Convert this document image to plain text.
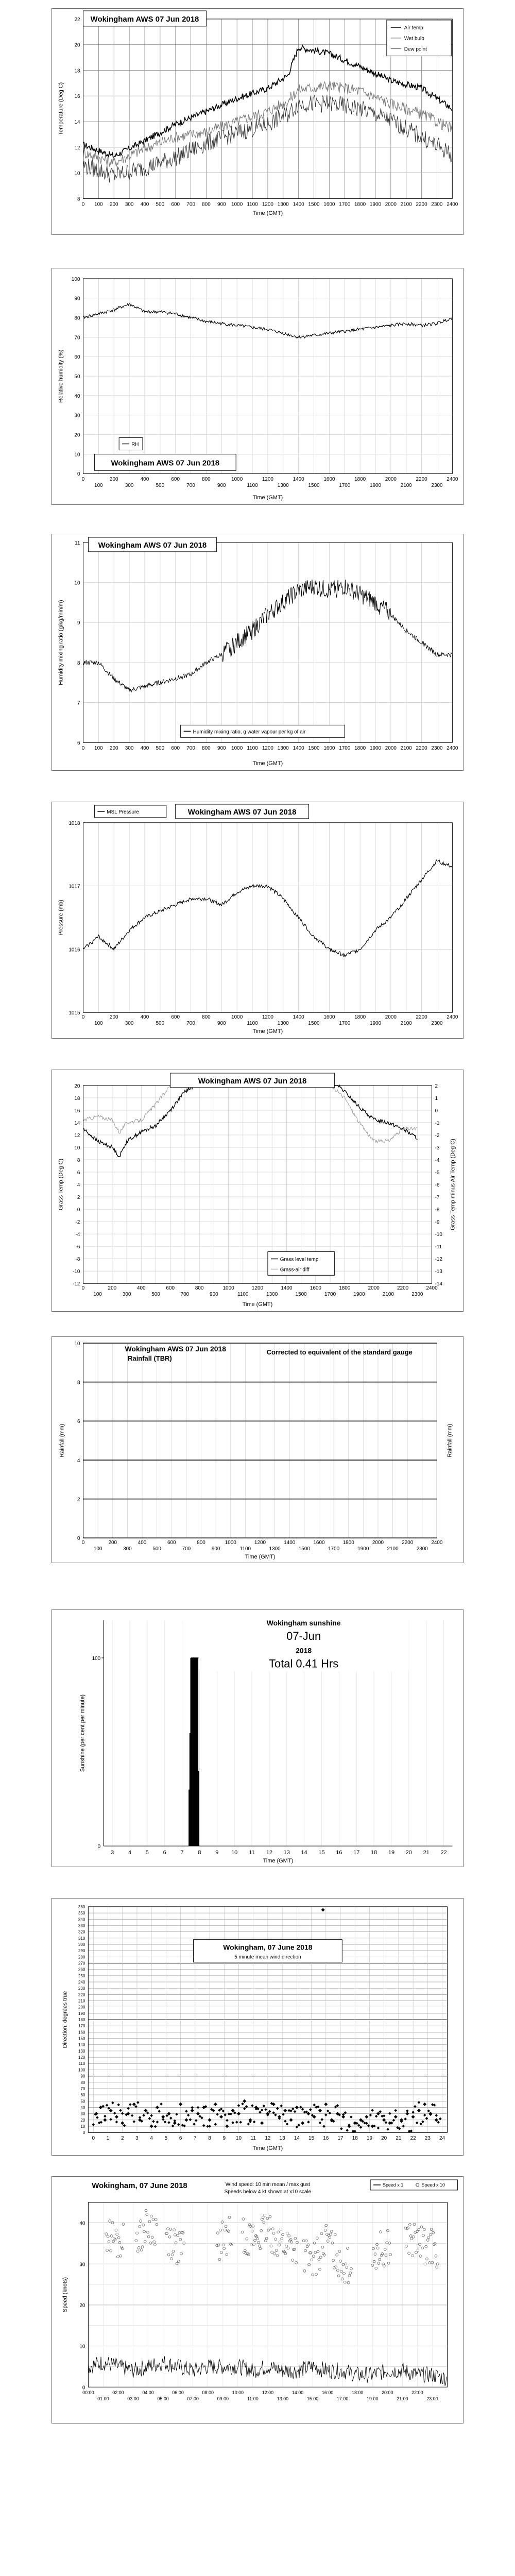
8
10
12
14
16
18
20
22
0 100 200 300 400 500 600 700 800 900 1000 1100 1200 1300 1400 1500 1600 1700 1800 1900 2000 2100 2200 2300 2400
Wokingham AWS 07 Jun 2018
Air temp
Wet bulb
Dew point
Temperature (Deg C)
Time (GMT)
0
10
20
30
40
50
60
70
80
90
100
0
100
200
300
400
500
600
700
800
900
1000
1100
1200
1300
1400
1500
1600
1700
1800
1900
2000
2100
2200
2300
2400
RH
Wokingham AWS 07 Jun 2018
Relative humidity (%)
Time (GMT)
6
7
8
9
10
11
0 100 200 300 400 500 600 700 800 900 1000 1100 1200 1300 1400 1500 1600 1700 1800 1900 2000 2100 2200 2300 2400
Wokingham AWS 07 Jun 2018
Humidity mixing ratio, g water vapour per kg of air
Humidity mixing ratio (g/kg/min/m)
Time (GMT)
1015
1016
1017
1018
0
100
200
300
400
500
600
700
800
900
1000
1100
1200
1300
1400
1500
1600
1700
1800
1900
2000
2100
2200
2300
2400
MSL Pressure	Wokingham AWS 07 Jun 2018
Pressure (mb)
Time (GMT)
-12
-10
-8
-6
-4
-2
0
2
4
6
8
10
12
14
16
18
20
-14
-13
-12
-11
-10
-9
-8
-7
-6
-5
-4
-3
-2
-1
0
1
2
0
100
200
300
400
500
600
700
800
900
1000
1100
1200
1300
1400
1500
1600
1700
1800
1900
2000
2100
2200
2300
2400
Wokingham AWS 07 Jun 2018
Grass level temp
Grass-air diff
Grass Temp (Deg C)	Grass Temp minus Air Temp (Deg C)
Time (GMT)
0
2
4
6
8
10
0
100
200
300
400
500
600
700
800
900
1000
1100
1200
1300
1400
1500
1600
1700
1800
1900
2000
2100
2200
2300
2400
Wokingham AWS 07 Jun 2018
Rainfall (TBR)
Corrected to equivalent of the standard gauge
Rainfall (mm)	Rainfall (mm)
Time (GMT)
0
100
3	4	5	6	7	8	9 10 11 12 13 14 15 16 17 18 19 20 21 22
Wokingham sunshine
07-Jun
2018
Total 0.41 Hrs
Sunshine (per cent per minute)
Time (GMT)
0
10
20
30
40
50
60
70
80
90
100
110
120
130
140
150
160
170
180
190
200
210
220
230
240
250
260
270
280
290
300
310
320
330
340
350
360
0 1 2 3 4 5 6 7 8 9 10 11 12 13 14 15 16 17 18 19 20 21 22 23 24
Wokingham, 07 June 2018
5 minute mean wind direction
Direction, degrees true
Time (GMT)
0
10
20
30
40
00:00
01:00
02:00
03:00
04:00
05:00
06:00
07:00
08:00
09:00
10:00
11:00
12:00
13:00
14:00
15:00
16:00
17:00
18:00
19:00
20:00
21:00
22:00
23:00
Wokingham, 07 June 2018	Wind speed: 10 min mean / max gust
Speeds below 4 kt shown at x10 scale
Speed x 1	Speed x 10
Speed (knots)
